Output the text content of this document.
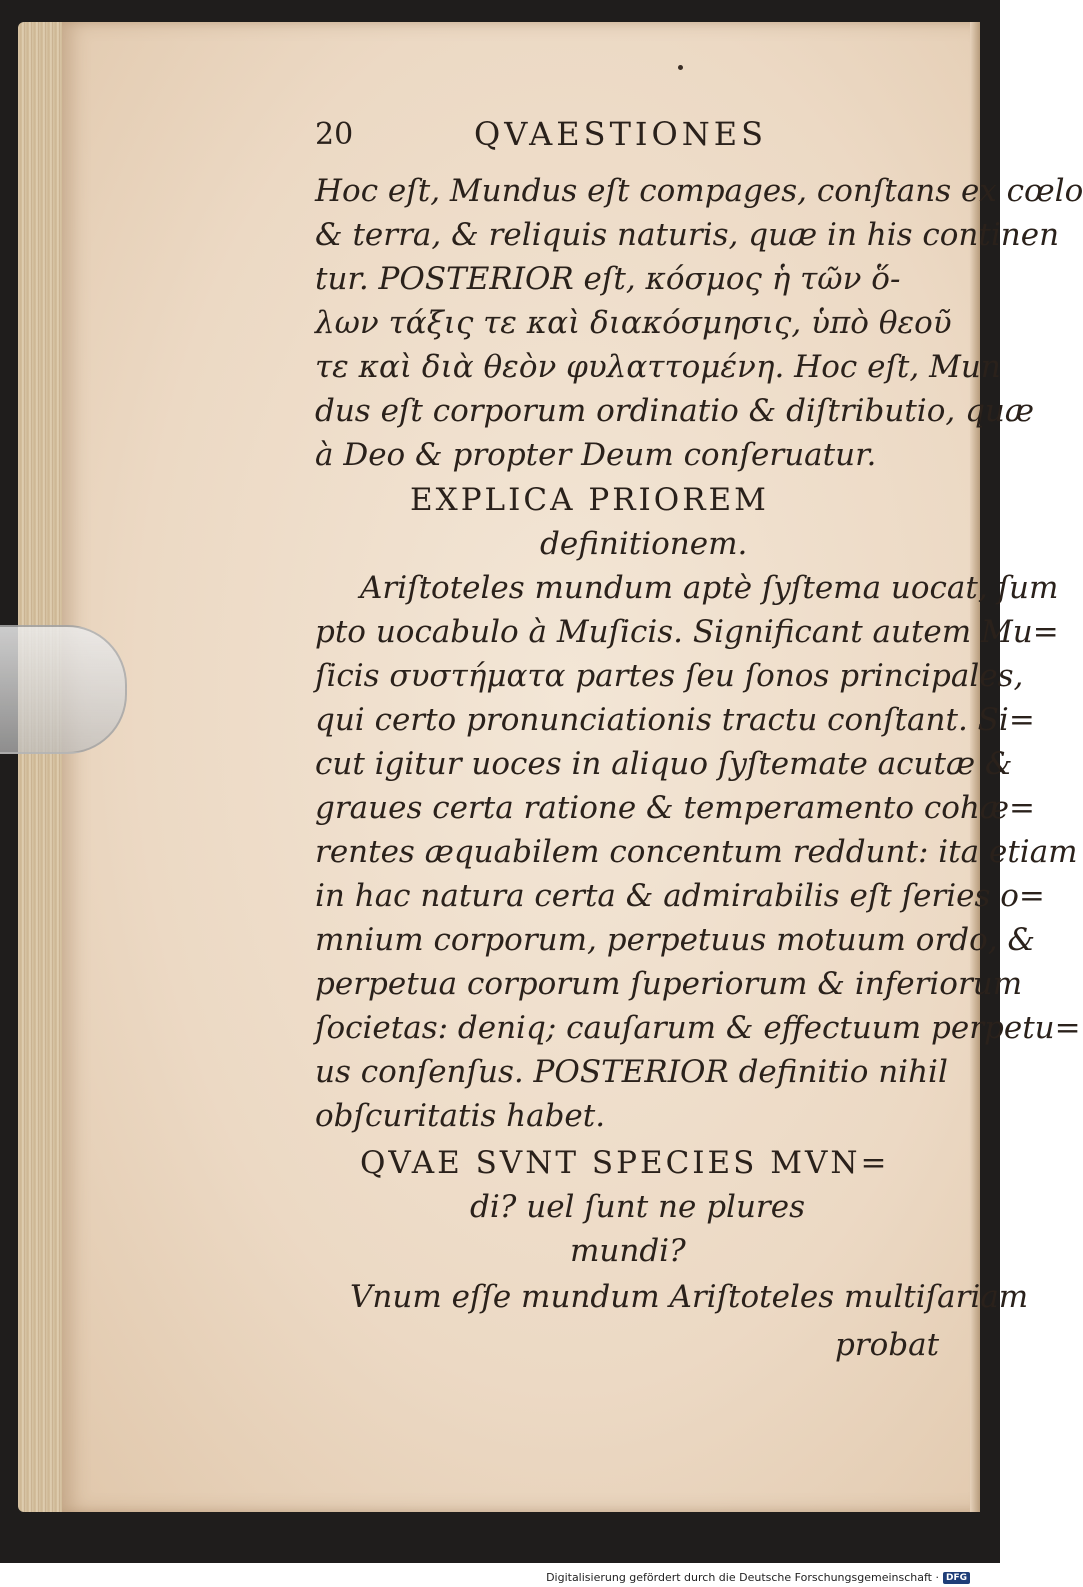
20	QVAESTIONES
Hoc eſt, Mundus eſt compages, conſtans ex cœlo
& terra, & reliquis naturis, quæ in his continen
tur. POSTERIOR eſt, κόσμος ἡ τῶν ὅ-
λων τάξις τε καὶ διακόσμησις, ὑπὸ θεοῦ
τε καὶ διὰ θεὸν φυλαττομένη. Hoc eſt, Mun
dus eſt corporum ordinatio & diſtributio, quæ
à Deo & propter Deum conſeruatur.
EXPLICA PRIOREM
definitionem.
Ariſtoteles mundum aptè ſyſtema uocat, ſum
pto uocabulo à Muſicis. Significant autem Mu=
ſicis συστήματα partes ſeu ſonos principales,
qui certo pronunciationis tractu conſtant. Si=
cut igitur uoces in aliquo ſyſtemate acutæ &
graues certa ratione & temperamento cohæ=
rentes æquabilem concentum reddunt: ita etiam
in hac natura certa & admirabilis eſt ſeries o=
mnium corporum, perpetuus motuum ordo, &
perpetua corporum ſuperiorum & inferiorum
ſocietas: deniq; cauſarum & effectuum perpetu=
us conſenſus. POSTERIOR definitio nihil
obſcuritatis habet.
QVAE SVNT SPECIES MVN=
di? uel ſunt ne plures
mundi?
Vnum eſſe mundum Ariſtoteles multiſariam
probat
Digitalisierung gefördert durch die Deutsche Forschungsgemeinschaft · DFG
